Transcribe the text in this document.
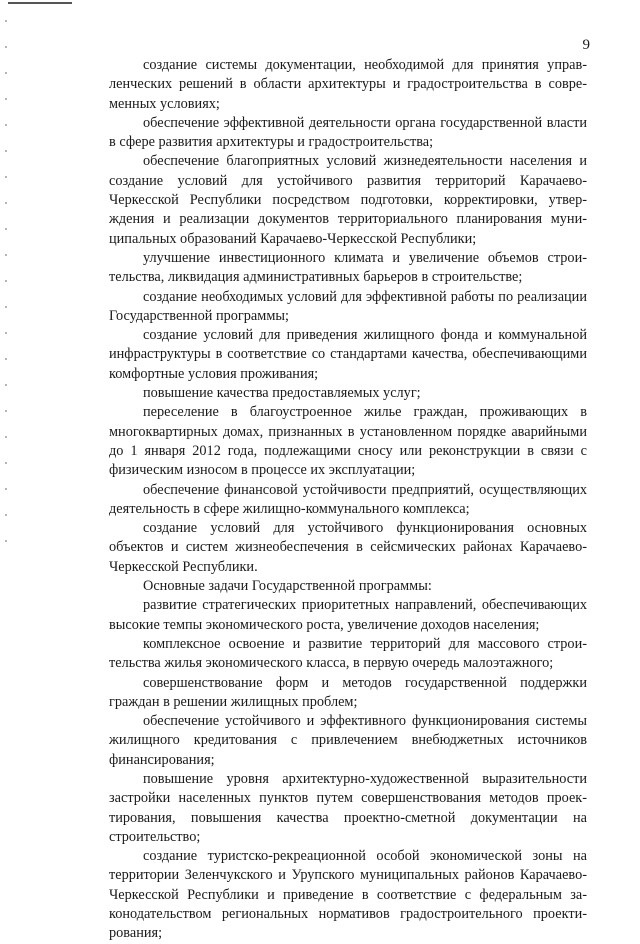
9

создание системы документации, необходимой для принятия управленческих решений в области архитектуры и градостроительства в современных условиях;

обеспечение эффективной деятельности органа государственной власти в сфере развития архитектуры и градостроительства;

обеспечение благоприятных условий жизнедеятельности населения и создание условий для устойчивого развития территорий Карачаево-Черкесской Республики посредством подготовки, корректировки, утверждения и реализации документов территориального планирования муниципальных образований Карачаево-Черкесской Республики;

улучшение инвестиционного климата и увеличение объемов строительства, ликвидация административных барьеров в строительстве;

создание необходимых условий для эффективной работы по реализации Государственной программы;

создание условий для приведения жилищного фонда и коммунальной инфраструктуры в соответствие со стандартами качества, обеспечивающими комфортные условия проживания;

повышение качества предоставляемых услуг;

переселение в благоустроенное жилье граждан, проживающих в многоквартирных домах, признанных в установленном порядке аварийными до 1 января 2012 года, подлежащими сносу или реконструкции в связи с физическим износом в процессе их эксплуатации;

обеспечение финансовой устойчивости предприятий, осуществляющих деятельность в сфере жилищно-коммунального комплекса;

создание условий для устойчивого функционирования основных объектов и систем жизнеобеспечения в сейсмических районах Карачаево-Черкесской Республики.

Основные задачи Государственной программы:

развитие стратегических приоритетных направлений, обеспечивающих высокие темпы экономического роста, увеличение доходов населения;

комплексное освоение и развитие территорий для массового строительства жилья экономического класса, в первую очередь малоэтажного;

совершенствование форм и методов государственной поддержки граждан в решении жилищных проблем;

обеспечение устойчивого и эффективного функционирования системы жилищного кредитования с привлечением внебюджетных источников финансирования;

повышение уровня архитектурно-художественной выразительности застройки населенных пунктов путем совершенствования методов проектирования, повышения качества проектно-сметной документации на строительство;

создание туристско-рекреационной особой экономической зоны на территории Зеленчукского и Урупского муниципальных районов Карачаево-Черкесской Республики и приведение в соответствие с федеральным законодательством региональных нормативов градостроительного проектирования;
